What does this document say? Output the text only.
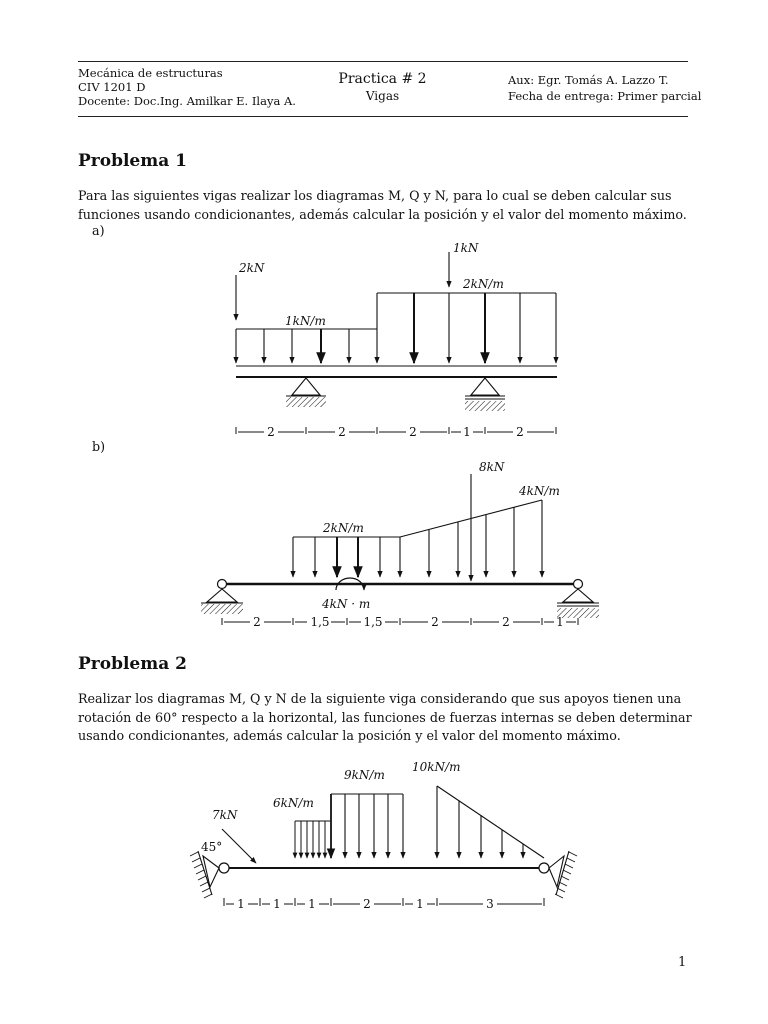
Mecánica de estructuras
CIV 1201 D
Docente: Doc.Ing. Amilkar E. Ilaya A.
Practica # 2
Vigas
Aux: Egr. Tomás A. Lazzo T.
Fecha de entrega: Primer parcial
Problema 1
Para las siguientes vigas realizar los diagramas M, Q y N, para lo cual se deben calcular sus funciones usando condicionantes, además calcular la posición y el valor del momento máximo.
a)
2kN
1kN
1kN/m
2kN/m
2	2	2	1	2
b)
8kN
2kN/m
4kN/m
4kN · m
2	1,5	1,5	2	2	1
Problema 2
Realizar los diagramas M, Q y N de la siguiente viga considerando que sus apoyos tienen una rotación de 60° respecto a la horizontal, las funciones de fuerzas internas se deben determinar usando condicionantes, además calcular la posición y el valor del momento máximo.
9kN/m
10kN/m
6kN/m
7kN
45°
1 1 1	2	1	3
1
